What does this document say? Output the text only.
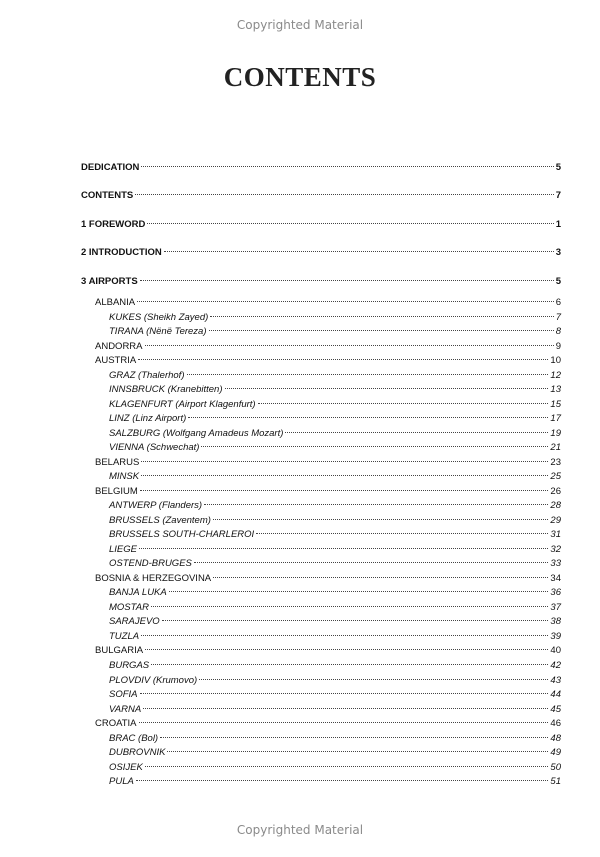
Copyrighted Material
CONTENTS
DEDICATION	5
CONTENTS	7
1 FOREWORD	1
2 INTRODUCTION	3
3 AIRPORTS	5
ALBANIA	6
KUKES (Sheikh Zayed)	7
TIRANA (Nënë Tereza)	8
ANDORRA	9
AUSTRIA	10
GRAZ (Thalerhof)	12
INNSBRUCK (Kranebitten)	13
KLAGENFURT (Airport Klagenfurt)	15
LINZ (Linz Airport)	17
SALZBURG (Wolfgang Amadeus Mozart)	19
VIENNA (Schwechat)	21
BELARUS	23
MINSK	25
BELGIUM	26
ANTWERP (Flanders)	28
BRUSSELS (Zaventem)	29
BRUSSELS SOUTH-CHARLEROI	31
LIEGE	32
OSTEND-BRUGES	33
BOSNIA & HERZEGOVINA	34
BANJA LUKA	36
MOSTAR	37
SARAJEVO	38
TUZLA	39
BULGARIA	40
BURGAS	42
PLOVDIV (Krumovo)	43
SOFIA	44
VARNA	45
CROATIA	46
BRAC (Bol)	48
DUBROVNIK	49
OSIJEK	50
PULA	51
Copyrighted Material
